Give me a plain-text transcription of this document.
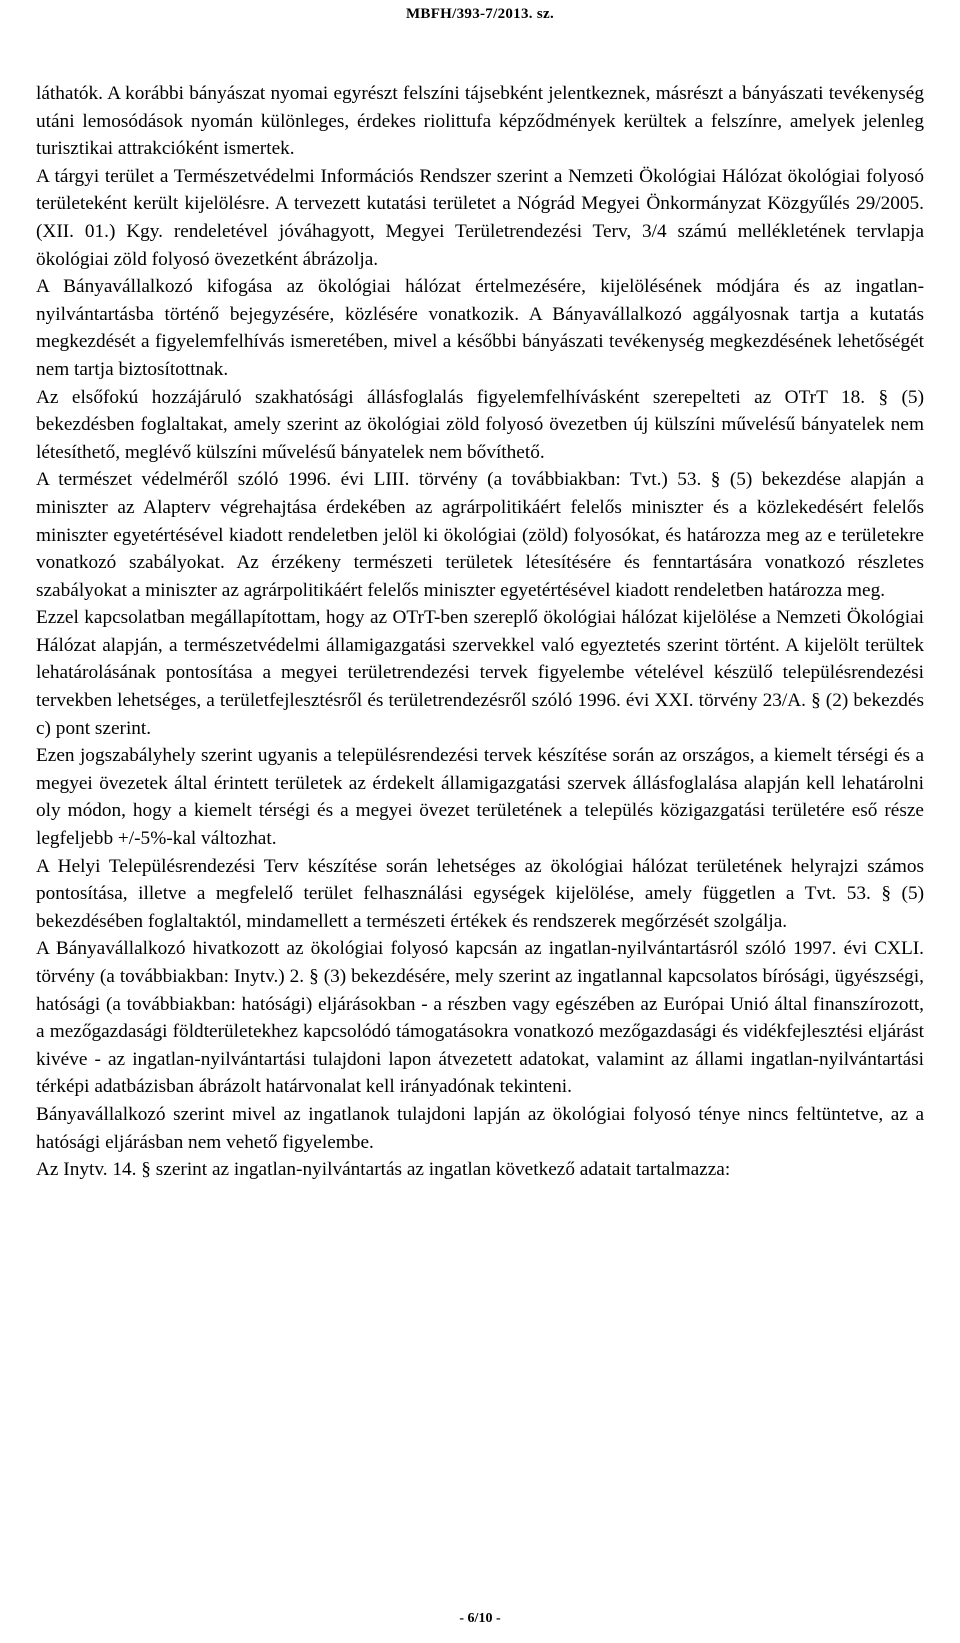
MBFH/393-7/2013. sz.

láthatók. A korábbi bányászat nyomai egyrészt felszíni tájsebként jelentkeznek, másrészt a bányászati tevékenység utáni lemosódások nyomán különleges, érdekes riolittufa képződmények kerültek a felszínre, amelyek jelenleg turisztikai attrakcióként ismertek.

A tárgyi terület a Természetvédelmi Információs Rendszer szerint a Nemzeti Ökológiai Hálózat ökológiai folyosó területeként került kijelölésre. A tervezett kutatási területet a Nógrád Megyei Önkormányzat Közgyűlés 29/2005. (XII. 01.) Kgy. rendeletével jóváhagyott, Megyei Területrendezési Terv, 3/4 számú mellékletének tervlapja ökológiai zöld folyosó övezetként ábrázolja.

A Bányavállalkozó kifogása az ökológiai hálózat értelmezésére, kijelölésének módjára és az ingatlan-nyilvántartásba történő bejegyzésére, közlésére vonatkozik. A Bányavállalkozó aggályosnak tartja a kutatás megkezdését a figyelemfelhívás ismeretében, mivel a későbbi bányászati tevékenység megkezdésének lehetőségét nem tartja biztosítottnak.

Az elsőfokú hozzájáruló szakhatósági állásfoglalás figyelemfelhívásként szerepelteti az OTrT 18. § (5) bekezdésben foglaltakat, amely szerint az ökológiai zöld folyosó övezetben új külszíni művelésű bányatelek nem létesíthető, meglévő külszíni művelésű bányatelek nem bővíthető.

A természet védelméről szóló 1996. évi LIII. törvény (a továbbiakban: Tvt.) 53. § (5) bekezdése alapján a miniszter az Alapterv végrehajtása érdekében az agrárpolitikáért felelős miniszter és a közlekedésért felelős miniszter egyetértésével kiadott rendeletben jelöl ki ökológiai (zöld) folyosókat, és határozza meg az e területekre vonatkozó szabályokat. Az érzékeny természeti területek létesítésére és fenntartására vonatkozó részletes szabályokat a miniszter az agrárpolitikáért felelős miniszter egyetértésével kiadott rendeletben határozza meg.

Ezzel kapcsolatban megállapítottam, hogy az OTrT-ben szereplő ökológiai hálózat kijelölése a Nemzeti Ökológiai Hálózat alapján, a természetvédelmi államigazgatási szervekkel való egyeztetés szerint történt. A kijelölt terültek lehatárolásának pontosítása a megyei területrendezési tervek figyelembe vételével készülő településrendezési tervekben lehetséges, a területfejlesztésről és területrendezésről szóló 1996. évi XXI. törvény 23/A. § (2) bekezdés c) pont szerint.

Ezen jogszabályhely szerint ugyanis a településrendezési tervek készítése során az országos, a kiemelt térségi és a megyei övezetek által érintett területek az érdekelt államigazgatási szervek állásfoglalása alapján kell lehatárolni oly módon, hogy a kiemelt térségi és a megyei övezet területének a település közigazgatási területére eső része legfeljebb +/-5%-kal változhat.

A Helyi Településrendezési Terv készítése során lehetséges az ökológiai hálózat területének helyrajzi számos pontosítása, illetve a megfelelő terület felhasználási egységek kijelölése, amely független a Tvt. 53. § (5) bekezdésében foglaltaktól, mindamellett a természeti értékek és rendszerek megőrzését szolgálja.

A Bányavállalkozó hivatkozott az ökológiai folyosó kapcsán az ingatlan-nyilvántartásról szóló 1997. évi CXLI. törvény (a továbbiakban: Inytv.) 2. § (3) bekezdésére, mely szerint az ingatlannal kapcsolatos bírósági, ügyészségi, hatósági (a továbbiakban: hatósági) eljárásokban - a részben vagy egészében az Európai Unió által finanszírozott, a mezőgazdasági földterületekhez kapcsolódó támogatásokra vonatkozó mezőgazdasági és vidékfejlesztési eljárást kivéve - az ingatlan-nyilvántartási tulajdoni lapon átvezetett adatokat, valamint az állami ingatlan-nyilvántartási térképi adatbázisban ábrázolt határvonalat kell irányadónak tekinteni.

Bányavállalkozó szerint mivel az ingatlanok tulajdoni lapján az ökológiai folyosó ténye nincs feltüntetve, az a hatósági eljárásban nem vehető figyelembe.

Az Inytv. 14. § szerint az ingatlan-nyilvántartás az ingatlan következő adatait tartalmazza:

- 6/10 -
